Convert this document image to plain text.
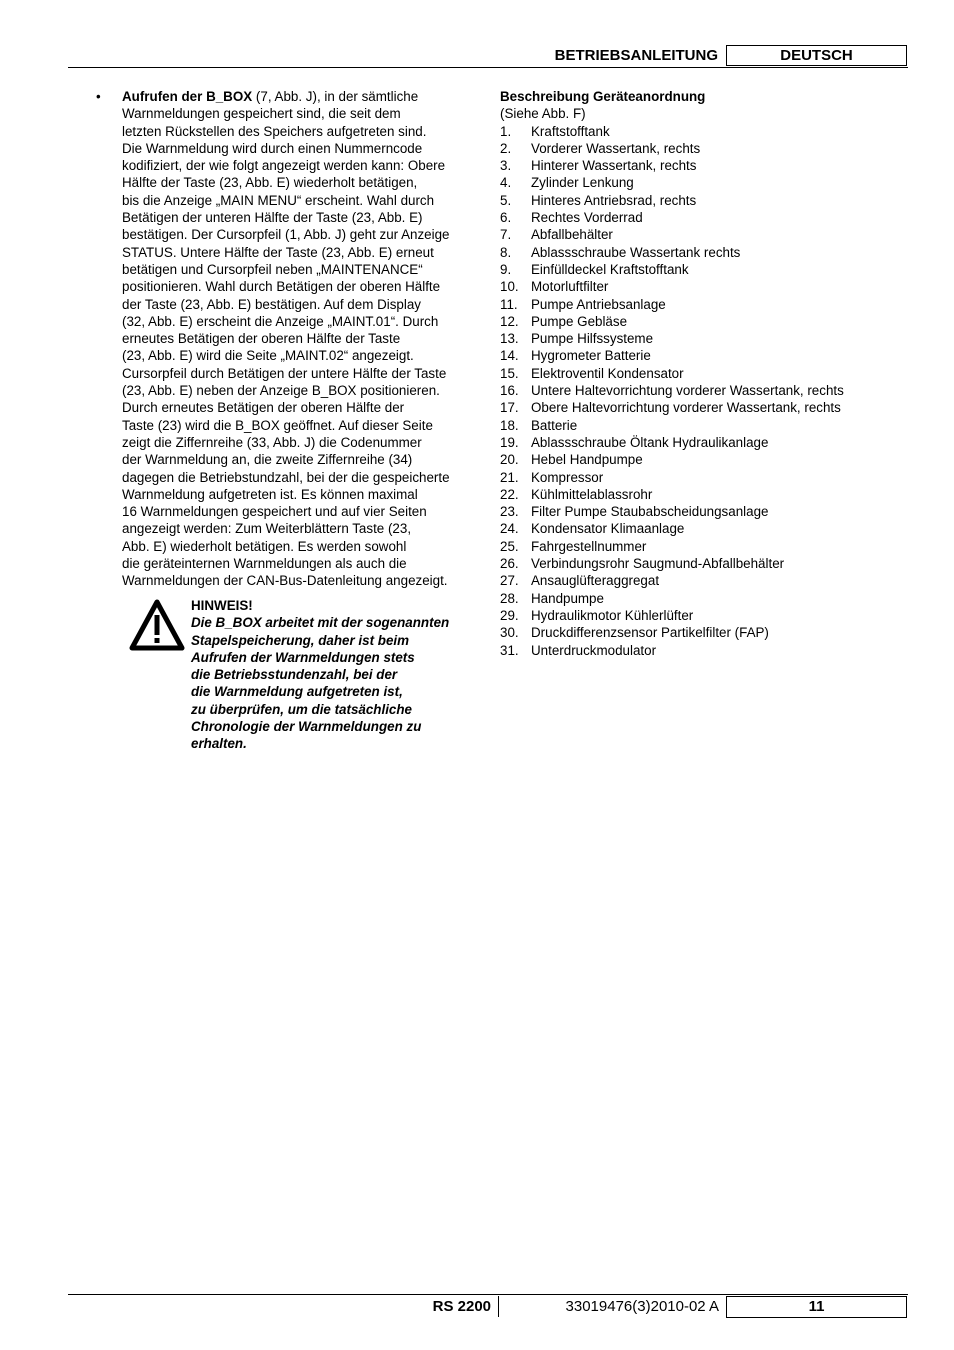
BETRIEBSANLEITUNG	DEUTSCH
• Aufrufen der B_BOX (7, Abb. J), in der sämtliche
Warnmeldungen gespeichert sind, die seit dem
letzten Rückstellen des Speichers aufgetreten sind.
Die Warnmeldung wird durch einen Nummerncode
kodifiziert, der wie folgt angezeigt werden kann: Obere
Hälfte der Taste (23, Abb. E) wiederholt betätigen,
bis die Anzeige „MAIN MENU“ erscheint. Wahl durch
Betätigen der unteren Hälfte der Taste (23, Abb. E)
bestätigen. Der Cursorpfeil (1, Abb. J) geht zur Anzeige
STATUS. Untere Hälfte der Taste (23, Abb. E) erneut
betätigen und Cursorpfeil neben „MAINTENANCE“
positionieren. Wahl durch Betätigen der oberen Hälfte
der Taste (23, Abb. E) bestätigen. Auf dem Display
(32, Abb. E) erscheint die Anzeige „MAINT.01“. Durch
erneutes Betätigen der oberen Hälfte der Taste
(23, Abb. E) wird die Seite „MAINT.02“ angezeigt.
Cursorpfeil durch Betätigen der untere Hälfte der Taste
(23, Abb. E) neben der Anzeige B_BOX positionieren.
Durch erneutes Betätigen der oberen Hälfte der
Taste (23) wird die B_BOX geöffnet. Auf dieser Seite
zeigt die Ziffernreihe (33, Abb. J) die Codenummer
der Warnmeldung an, die zweite Ziffernreihe (34)
dagegen die Betriebstundzahl, bei der die gespeicherte
Warnmeldung aufgetreten ist. Es können maximal
16 Warnmeldungen gespeichert und auf vier Seiten
angezeigt werden: Zum Weiterblättern Taste (23,
Abb. E) wiederholt betätigen. Es werden sowohl
die geräteinternen Warnmeldungen als auch die
Warnmeldungen der CAN-Bus-Datenleitung angezeigt.
HINWEIS!
Die B_BOX arbeitet mit der sogenannten
Stapelspeicherung, daher ist beim
Aufrufen der Warnmeldungen stets
die Betriebsstundenzahl, bei der
die Warnmeldung aufgetreten ist,
zu überprüfen, um die tatsächliche
Chronologie der Warnmeldungen zu
erhalten.
Beschreibung Geräteanordnung
(Siehe Abb. F)
1.	Kraftstofftank
2.	Vorderer Wassertank, rechts
3.	Hinterer Wassertank, rechts
4.	Zylinder Lenkung
5.	Hinteres Antriebsrad, rechts
6.	Rechtes Vorderrad
7.	Abfallbehälter
8.	Ablassschraube Wassertank rechts
9.	Einfülldeckel Kraftstofftank
10. Motorluftfilter
11. Pumpe Antriebsanlage
12. Pumpe Gebläse
13. Pumpe Hilfssysteme
14. Hygrometer Batterie
15. Elektroventil Kondensator
16. Untere Haltevorrichtung vorderer Wassertank, rechts
17. Obere Haltevorrichtung vorderer Wassertank, rechts
18. Batterie
19. Ablassschraube Öltank Hydraulikanlage
20. Hebel Handpumpe
21. Kompressor
22. Kühlmittelablassrohr
23. Filter Pumpe Staubabscheidungsanlage
24. Kondensator Klimaanlage
25. Fahrgestellnummer
26. Verbindungsrohr Saugmund-Abfallbehälter
27. Ansauglüfteraggregat
28. Handpumpe
29. Hydraulikmotor Kühlerlüfter
30. Druckdifferenzsensor Partikelfilter (FAP)
31. Unterdruckmodulator
RS 2200	33019476(3)2010-02 A	11
